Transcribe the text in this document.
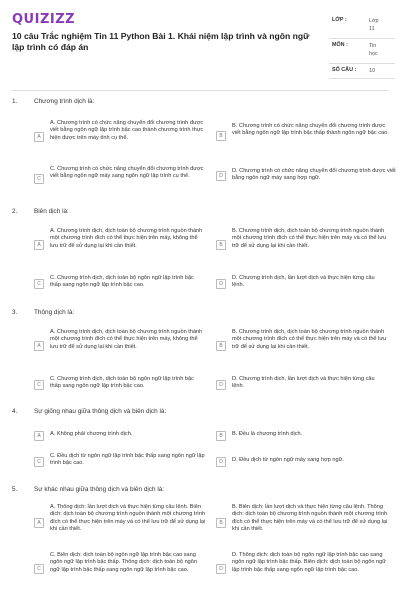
QUIZIZZ
10 câu Trắc nghiệm Tin 11 Python Bài 1. Khái niệm lập trình và ngôn ngữ lập trình có đáp án
LỚP :	Lớp 11
MÔN :	Tin học
SỐ CÂU : 10
1.	Chương trình dịch là:
A
A. Chương trình có chức năng chuyển đổi chương trình được viết bằng ngôn ngữ lập trình bậc cao thành chương trình thực hiện được trên máy tính cụ thể.	B
B. Chương trình có chức năng chuyển đổi chương trình được viết bằng ngôn ngữ lập trình bậc thấp thành ngôn ngữ bậc cao.
C
C. Chương trình có chức năng chuyển đổi chương trình được viết bằng ngôn ngữ máy sang ngôn ngữ lập trình cụ thể.	D
D. Chương trình có chức năng chuyển đổi chương trình được viết bằng ngôn ngữ máy sang hợp ngữ.
2.	Biên dịch là:
A
A. Chương trình dịch, dịch toàn bộ chương trình nguồn thành một chương trình đích có thể thực hiện trên máy, không thể lưu trữ để sử dụng lại khi cần thiết.	B
B. Chương trình dịch, dịch toàn bộ chương trình nguồn thành một chương trình đích có thể thực hiện trên máy và có thể lưu trữ để sử dụng lại khi cần thiết.
C
C. Chương trình dịch, dịch toàn bộ ngôn ngữ lập trình bậc thấp sang ngôn ngữ lập trình bậc cao.	D
D. Chương trình dịch, lần lượt dịch và thực hiện từng câu lệnh.
3.	Thông dịch là:
A
A. Chương trình dịch, dịch toàn bộ chương trình nguồn thành một chương trình đích có thể thực hiện trên máy, không thể lưu trữ để sử dụng lại khi cần thiết.	B
B. Chương trình dịch, dịch toàn bộ chương trình nguồn thành một chương trình đích có thể thực hiện trên máy và có thể lưu trữ để sử dụng lại khi cần thiết.
C
C. Chương trình dịch, dịch toàn bộ ngôn ngữ lập trình bậc thấp sang ngôn ngữ lập trình bậc cao.	D
D. Chương trình dịch, lần lượt dịch và thực hiện từng câu lệnh.
4.	Sự giống nhau giữa thông dịch và biên dịch là:
A	A. Không phải chương trình dịch.	B	B. Đều là chương trình dịch.
C
C. Đều dịch từ ngôn ngữ lập trình bậc thấp sang ngôn ngữ lập trình bậc cao.	D	D. Đều dịch từ ngôn ngữ máy sang hợp ngữ.
5.	Sự khác nhau giữa thông dịch và biên dịch là:
A
A. Thông dịch: lần lượt dịch và thực hiện từng câu lệnh. Biên dịch: dịch toàn bộ chương trình nguồn thành một chương trình đích có thể thực hiện trên máy và có thể lưu trữ để sử dụng lại khi cần thiết.
B
B. Biên dịch: lần lượt dịch và thực hiện từng câu lệnh. Thông dịch: dịch toàn bộ chương trình nguồn thành một chương trình đích có thể thực hiện trên máy và có thể lưu trữ để sử dụng lại khi cần thiết.
C
C. Biên dịch: dịch toàn bộ ngôn ngữ lập trình bậc cao sang ngôn ngữ lập trình bậc thấp. Thông dịch: dịch toàn bộ ngôn ngữ lập trình bậc thấp sang ngôn ngữ lập trình bậc cao.	D
D. Thông dịch: dịch toàn bộ ngôn ngữ lập trình bậc cao sang ngôn ngữ lập trình bậc thấp. Biên dịch: dịch toàn bộ ngôn ngữ lập trình bậc thấp sang ngôn ngữ lập trình bậc cao.
